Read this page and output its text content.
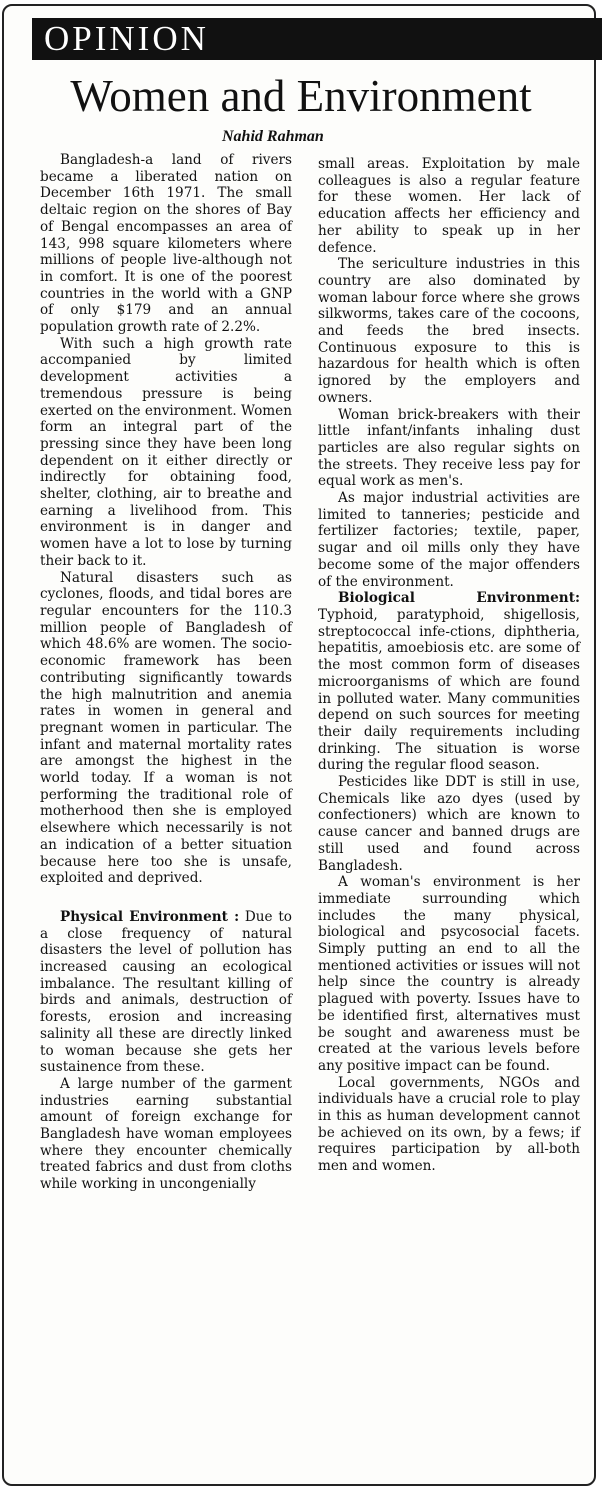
OPINION
Women and Environment
Nahid Rahman

Bangladesh-a land of rivers became a liberated nation on December 16th 1971. The small deltaic region on the shores of Bay of Bengal encompasses an area of 143, 998 square kilometers where millions of people live-although not in comfort. It is one of the poorest countries in the world with a GNP of only $179 and an annual population growth rate of 2.2%.

With such a high growth rate accompanied by limited development activities a tremendous pressure is being exerted on the environment. Women form an integral part of the pressing since they have been long dependent on it either directly or indirectly for obtaining food, shelter, clothing, air to breathe and earning a livelihood from. This environment is in danger and women have a lot to lose by turning their back to it.

Natural disasters such as cyclones, floods, and tidal bores are regular encounters for the 110.3 million people of Bangladesh of which 48.6% are women. The socio-economic framework has been contributing significantly towards the high malnutrition and anemia rates in women in general and pregnant women in particular. The infant and maternal mortality rates are amongst the highest in the world today. If a woman is not performing the traditional role of motherhood then she is employed elsewhere which necessarily is not an indication of a better situation because here too she is unsafe, exploited and deprived.

Physical Environment : Due to a close frequency of natural disasters the level of pollution has increased causing an ecological imbalance. The resultant killing of birds and animals, destruction of forests, erosion and increasing salinity all these are directly linked to woman because she gets her sustainence from these.

A large number of the garment industries earning substantial amount of foreign exchange for Bangladesh have woman employees where they encounter chemically treated fabrics and dust from cloths while working in uncongenially

small areas. Exploitation by male colleagues is also a regular feature for these women. Her lack of education affects her efficiency and her ability to speak up in her defence.

The sericulture industries in this country are also dominated by woman labour force where she grows silkworms, takes care of the cocoons, and feeds the bred insects. Continuous exposure to this is hazardous for health which is often ignored by the employers and owners.

Woman brick-breakers with their little infant/infants inhaling dust particles are also regular sights on the streets. They receive less pay for equal work as men's.

As major industrial activities are limited to tanneries; pesticide and fertilizer factories; textile, paper, sugar and oil mills only they have become some of the major offenders of the environment.

Biological Environment: Typhoid, paratyphoid, shigellosis, streptococcal infe-ctions, diphtheria, hepatitis, amoebiosis etc. are some of the most common form of diseases microorganisms of which are found in polluted water. Many communities depend on such sources for meeting their daily requirements including drinking. The situation is worse during the regular flood season.

Pesticides like DDT is still in use, Chemicals like azo dyes (used by confectioners) which are known to cause cancer and banned drugs are still used and found across Bangladesh.

A woman's environment is her immediate surrounding which includes the many physical, biological and psycosocial facets. Simply putting an end to all the mentioned activities or issues will not help since the country is already plagued with poverty. Issues have to be identified first, alternatives must be sought and awareness must be created at the various levels before any positive impact can be found.

Local governments, NGOs and individuals have a crucial role to play in this as human development cannot be achieved on its own, by a fews; if requires participation by all-both men and women.
